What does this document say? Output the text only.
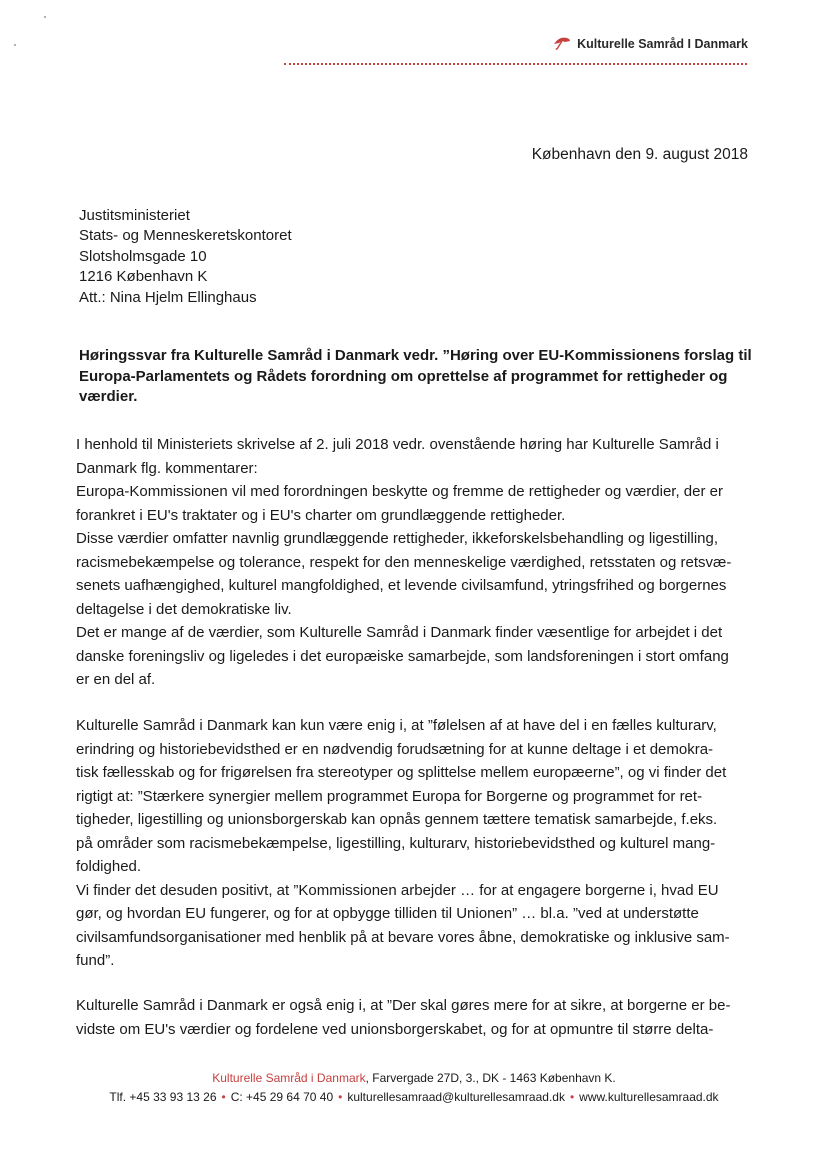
Kulturelle Samråd I Danmark
København den 9. august 2018
Justitsministeriet
Stats- og Menneskeretskontoret
Slotsholmsgade 10
1216 København K
Att.: Nina Hjelm Ellinghaus
Høringssvar fra Kulturelle Samråd i Danmark vedr. ”Høring over EU-Kommissionens forslag til
Europa-Parlamentets og Rådets forordning om oprettelse af programmet for rettigheder og
værdier.
I henhold til Ministeriets skrivelse af 2. juli 2018 vedr. ovenstående høring har Kulturelle Samråd i
Danmark flg. kommentarer:
Europa-Kommissionen vil med forordningen beskytte og fremme de rettigheder og værdier, der er
forankret i EU's traktater og i EU's charter om grundlæggende rettigheder.
Disse værdier omfatter navnlig grundlæggende rettigheder, ikkeforskelsbehandling og ligestilling,
racismebekæmpelse og tolerance, respekt for den menneskelige værdighed, retsstaten og retsvæ-
senets uafhængighed, kulturel mangfoldighed, et levende civilsamfund, ytringsfrihed og borgernes
deltagelse i det demokratiske liv.
Det er mange af de værdier, som Kulturelle Samråd i Danmark finder væsentlige for arbejdet i det
danske foreningsliv og ligeledes i det europæiske samarbejde, som landsforeningen i stort omfang
er en del af.
Kulturelle Samråd i Danmark kan kun være enig i, at ”følelsen af at have del i en fælles kulturarv,
erindring og historiebevidsthed er en nødvendig forudsætning for at kunne deltage i et demokra-
tisk fællesskab og for frigørelsen fra stereotyper og splittelse mellem europæerne”, og vi finder det
rigtigt at: ”Stærkere synergier mellem programmet Europa for Borgerne og programmet for ret-
tigheder, ligestilling og unionsborgerskab kan opnås gennem tættere tematisk samarbejde, f.eks.
på områder som racismebekæmpelse, ligestilling, kulturarv, historiebevidsthed og kulturel mang-
foldighed.
Vi finder det desuden positivt, at ”Kommissionen arbejder … for at engagere borgerne i, hvad EU
gør, og hvordan EU fungerer, og for at opbygge tilliden til Unionen” … bl.a. ”ved at understøtte
civilsamfundsorganisationer med henblik på at bevare vores åbne, demokratiske og inklusive sam-
fund”.
Kulturelle Samråd i Danmark er også enig i, at ”Der skal gøres mere for at sikre, at borgerne er be-
vidste om EU's værdier og fordelene ved unionsborgerskabet, og for at opmuntre til større delta-
Kulturelle Samråd i Danmark, Farvergade 27D, 3., DK - 1463 København K.
Tlf. +45 33 93 13 26 • C: +45 29 64 70 40 • kulturellesamraad@kulturellesamraad.dk • www.kulturellesamraad.dk
